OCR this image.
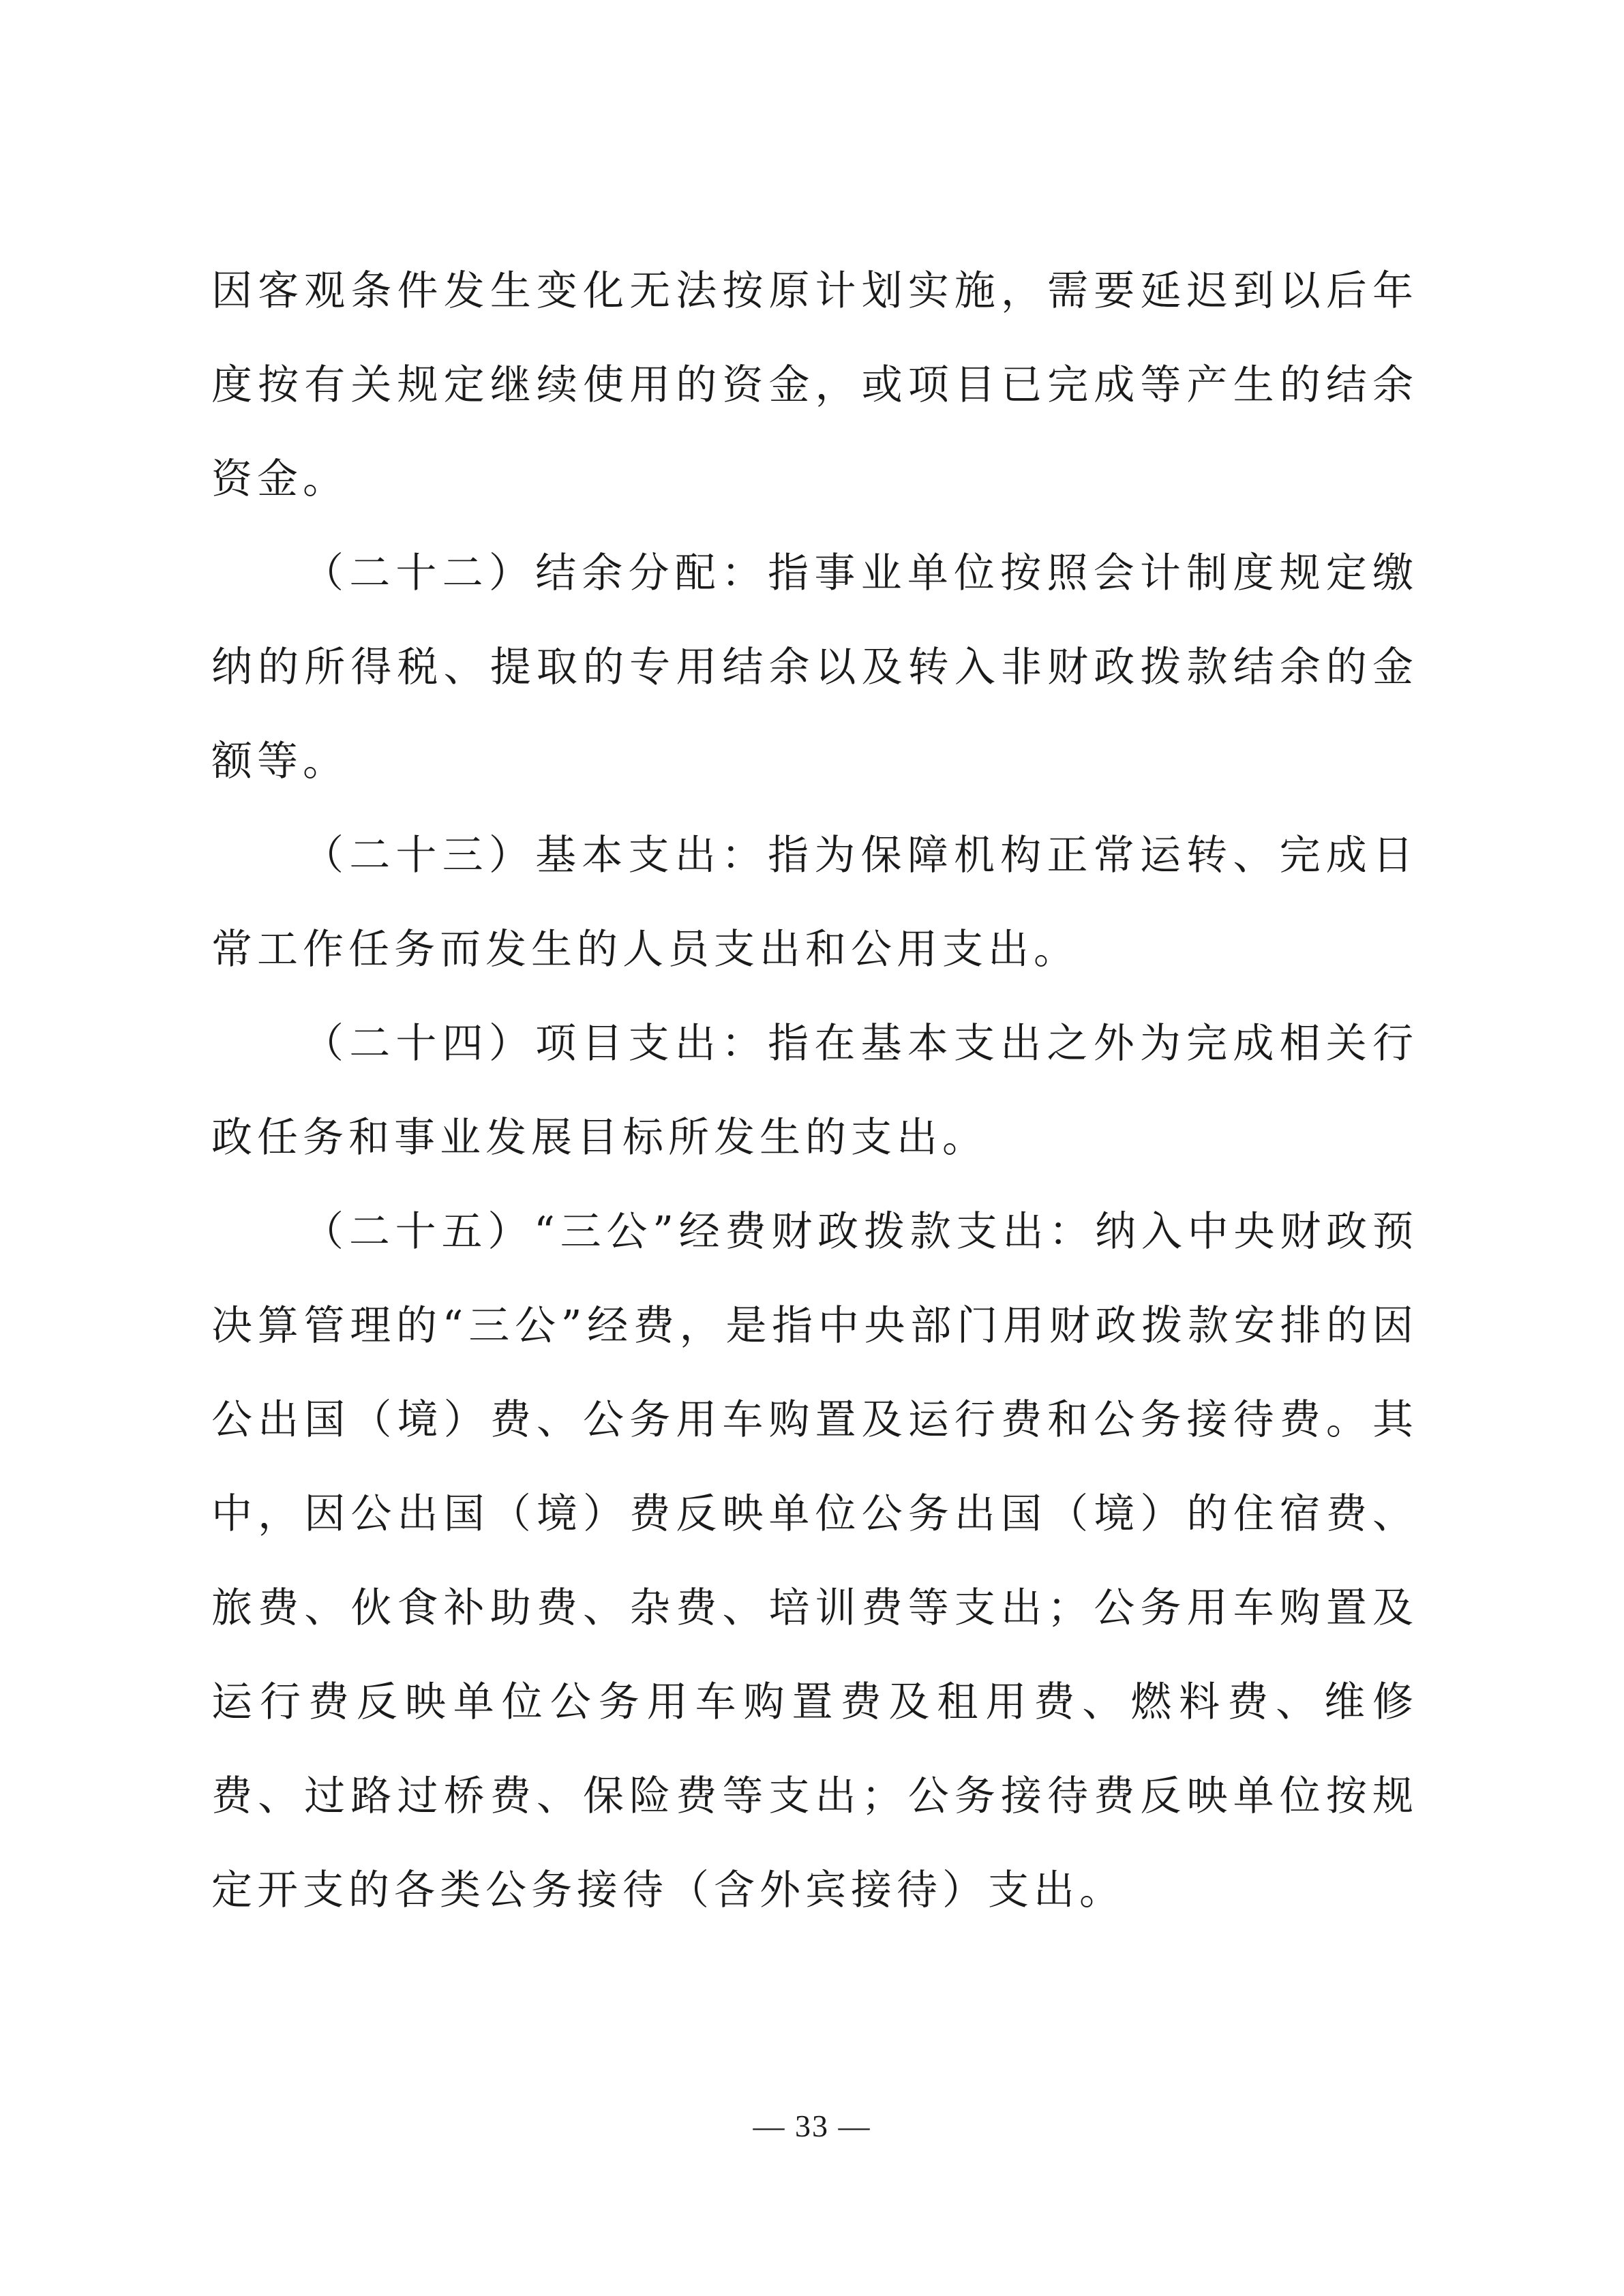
因客观条件发生变化无法按原计划实施，需要延迟到以后年度按有关规定继续使用的资金，或项目已完成等产生的结余资金。

（二十二）结余分配：指事业单位按照会计制度规定缴纳的所得税、提取的专用结余以及转入非财政拨款结余的金额等。

（二十三）基本支出：指为保障机构正常运转、完成日常工作任务而发生的人员支出和公用支出。

（二十四）项目支出：指在基本支出之外为完成相关行政任务和事业发展目标所发生的支出。

（二十五）“三公”经费财政拨款支出：纳入中央财政预决算管理的“三公”经费，是指中央部门用财政拨款安排的因公出国（境）费、公务用车购置及运行费和公务接待费。其中，因公出国（境）费反映单位公务出国（境）的住宿费、旅费、伙食补助费、杂费、培训费等支出；公务用车购置及运行费反映单位公务用车购置费及租用费、燃料费、维修费、过路过桥费、保险费等支出；公务接待费反映单位按规定开支的各类公务接待（含外宾接待）支出。

— 33 —
